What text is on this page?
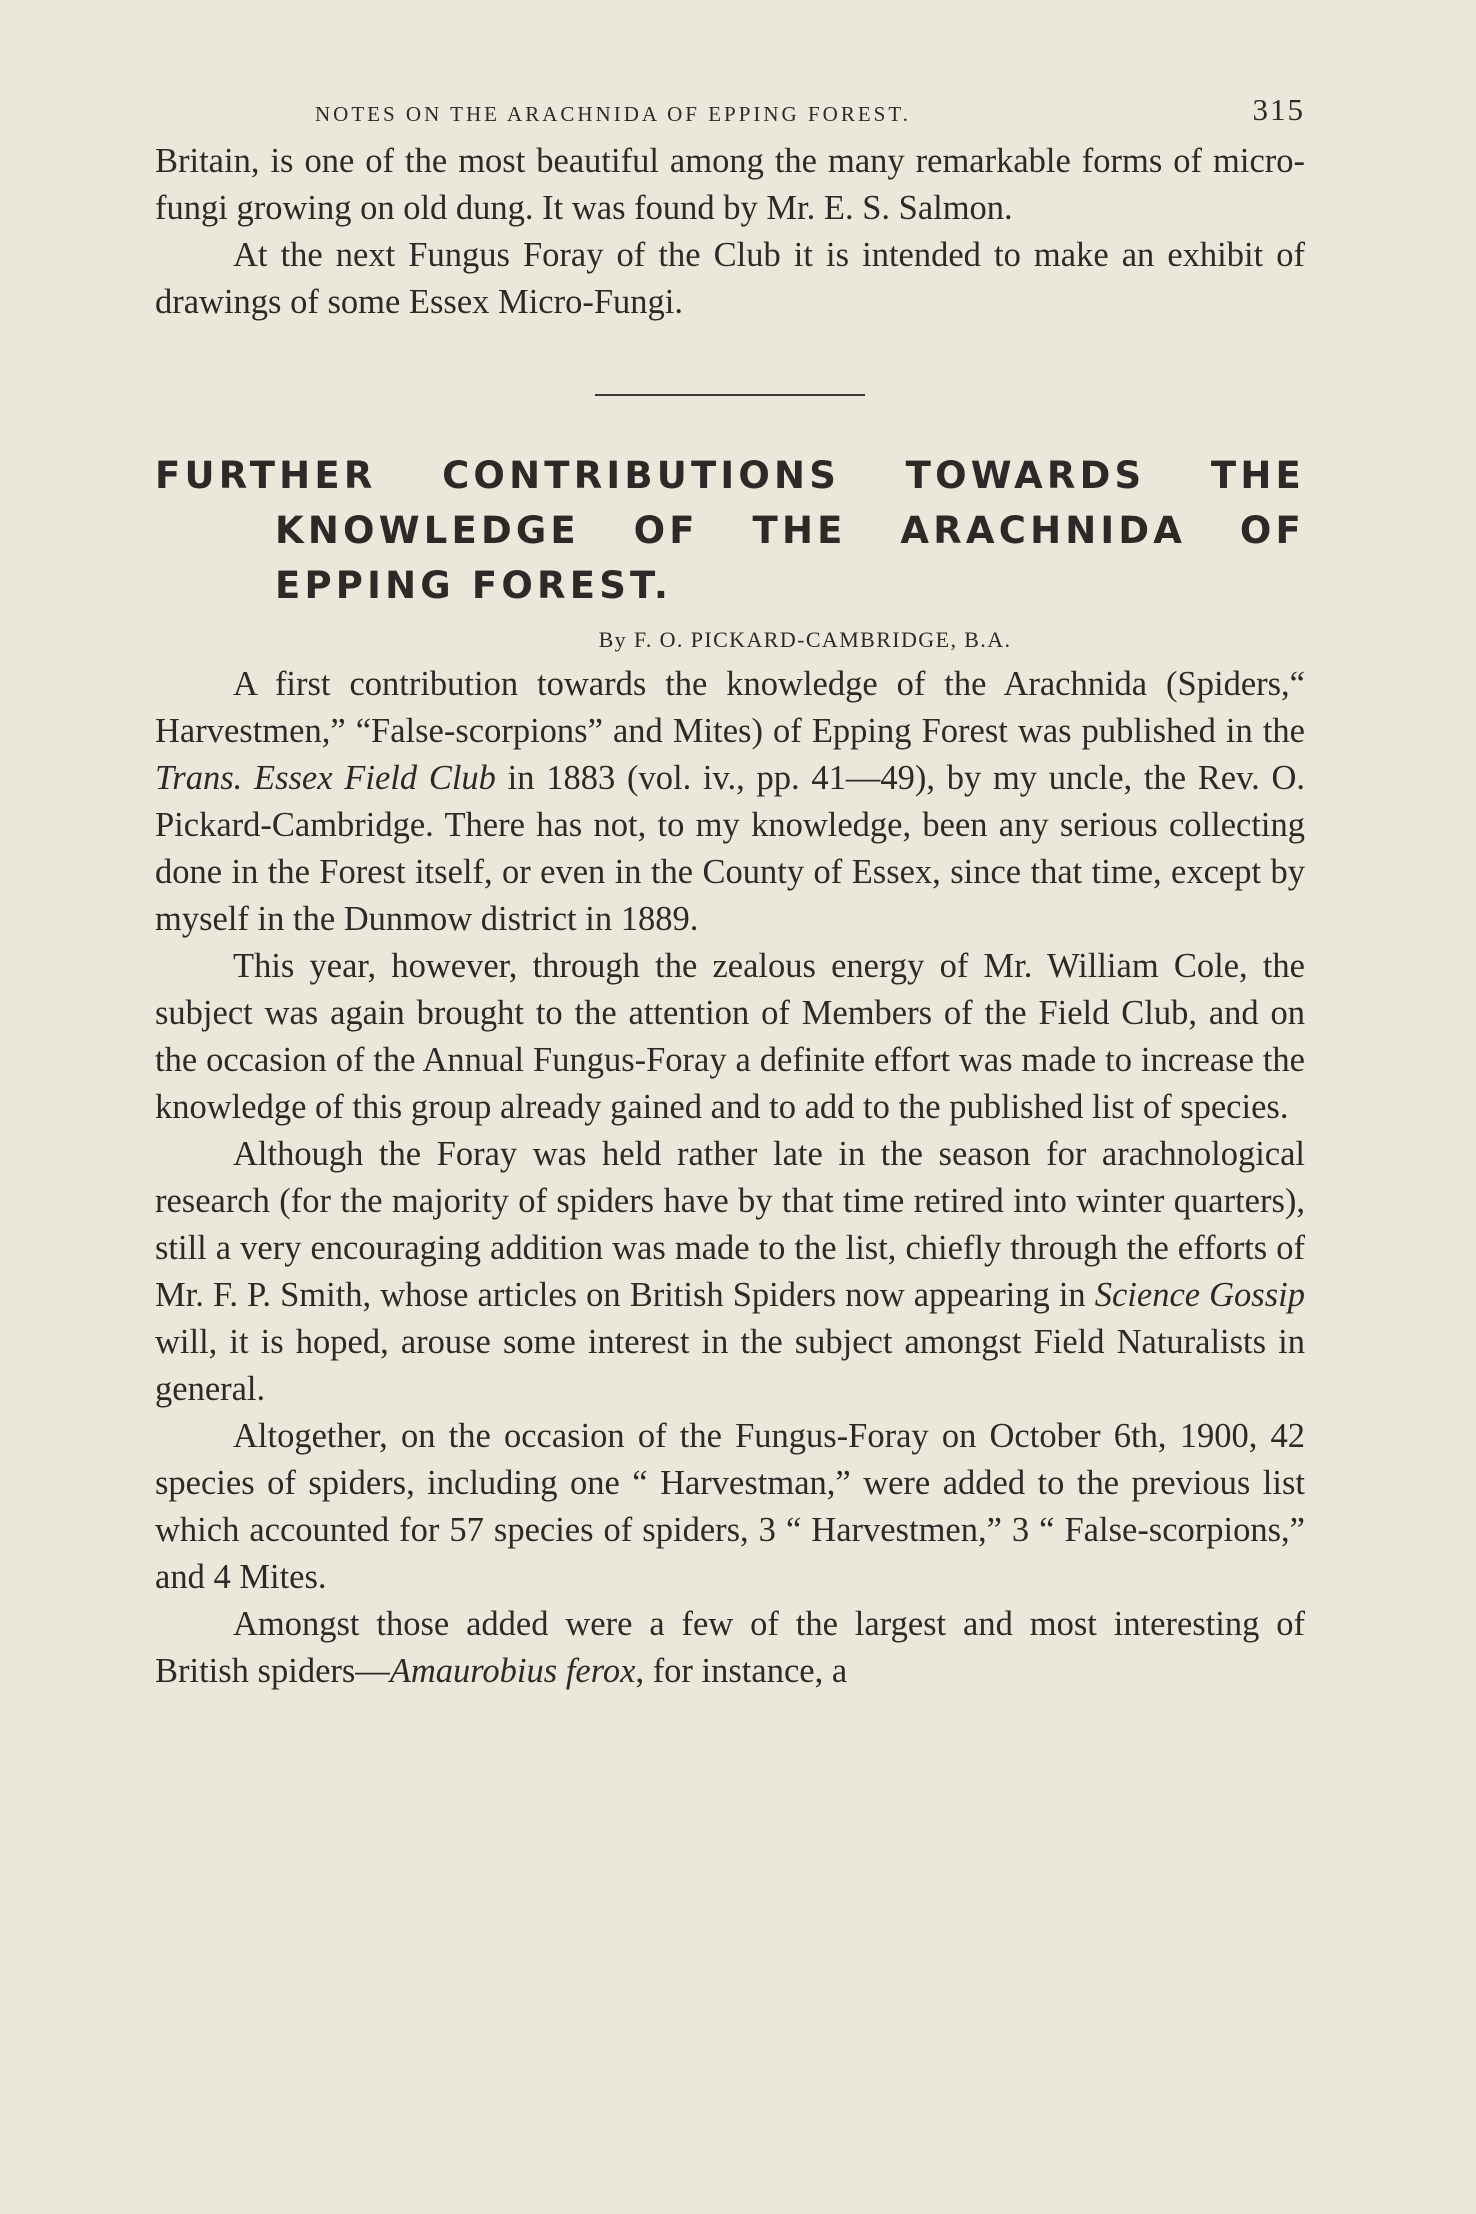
NOTES ON THE ARACHNIDA OF EPPING FOREST.	315

Britain, is one of the most beautiful among the many remarkable forms of micro-fungi growing on old dung. It was found by Mr. E. S. Salmon.

At the next Fungus Foray of the Club it is intended to make an exhibit of drawings of some Essex Micro-Fungi.

FURTHER CONTRIBUTIONS TOWARDS THE
KNOWLEDGE OF THE ARACHNIDA OF
EPPING FOREST.
By F. O. PICKARD-CAMBRIDGE, B.A.

A first contribution towards the knowledge of the Arachnida (Spiders,“ Harvestmen,” “False-scorpions” and Mites) of Epping Forest was published in the Trans. Essex Field Club in 1883 (vol. iv., pp. 41—49), by my uncle, the Rev. O. Pickard-Cambridge. There has not, to my knowledge, been any serious collecting done in the Forest itself, or even in the County of Essex, since that time, except by myself in the Dunmow district in 1889.

This year, however, through the zealous energy of Mr. William Cole, the subject was again brought to the attention of Members of the Field Club, and on the occasion of the Annual Fungus-Foray a definite effort was made to increase the knowledge of this group already gained and to add to the published list of species.

Although the Foray was held rather late in the season for arachnological research (for the majority of spiders have by that time retired into winter quarters), still a very encouraging addition was made to the list, chiefly through the efforts of Mr. F. P. Smith, whose articles on British Spiders now appearing in Science Gossip will, it is hoped, arouse some interest in the subject amongst Field Naturalists in general.

Altogether, on the occasion of the Fungus-Foray on October 6th, 1900, 42 species of spiders, including one “ Harvestman,” were added to the previous list which accounted for 57 species of spiders, 3 “ Harvestmen,” 3 “ False-scorpions,” and 4 Mites.

Amongst those added were a few of the largest and most interesting of British spiders—Amaurobius ferox, for instance, a
